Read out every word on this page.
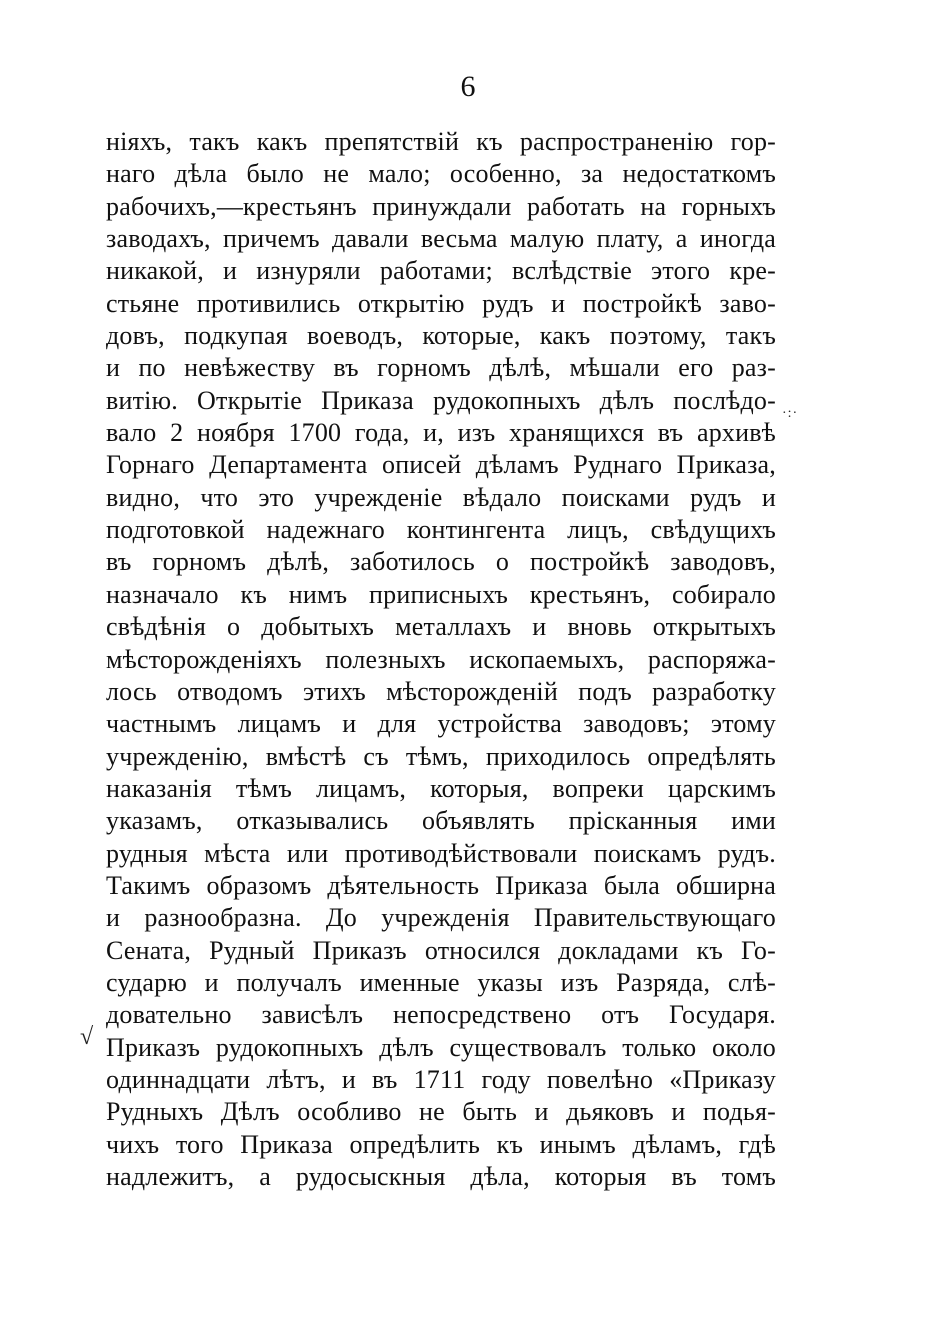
6
√
·:·
ніяхъ, такъ какъ препятствій къ распространенію гор-
наго дѣла было не мало; особенно, за недостаткомъ
рабочихъ,—крестьянъ принуждали работать на горныхъ
заводахъ, причемъ давали весьма малую плату, а иногда
никакой, и изнуряли работами; вслѣдствіе этого кре-
стьяне противились открытію рудъ и постройкѣ заво-
довъ, подкупая воеводъ, которые, какъ поэтому, такъ
и по невѣжеству въ горномъ дѣлѣ, мѣшали его раз-
витію. Открытіе Приказа рудокопныхъ дѣлъ послѣдо-
вало 2 ноября 1700 года, и, изъ хранящихся въ архивѣ
Горнаго Департамента описей дѣламъ Руднаго Приказа,
видно, что это учрежденіе вѣдало поисками рудъ и
подготовкой надежнаго контингента лицъ, свѣдущихъ
въ горномъ дѣлѣ, заботилось о постройкѣ заводовъ,
назначало къ нимъ приписныхъ крестьянъ, собирало
свѣдѣнія о добытыхъ металлахъ и вновь открытыхъ
мѣсторожденіяхъ полезныхъ ископаемыхъ, распоряжа-
лось отводомъ этихъ мѣсторожденій подъ разработку
частнымъ лицамъ и для устройства заводовъ; этому
учрежденію, вмѣстѣ съ тѣмъ, приходилось опредѣлять
наказанія тѣмъ лицамъ, которыя, вопреки царскимъ
указамъ, отказывались объявлять прісканныя ими
рудныя мѣста или противодѣйствовали поискамъ рудъ.
Такимъ образомъ дѣятельность Приказа была обширна
и разнообразна. До учрежденія Правительствующаго
Сената, Рудный Приказъ относился докладами къ Го-
сударю и получалъ именные указы изъ Разряда, слѣ-
довательно зависѣлъ непосредствено отъ Государя.
Приказъ рудокопныхъ дѣлъ существовалъ только около
одиннадцати лѣтъ, и въ 1711 году повелѣно «Приказу
Рудныхъ Дѣлъ особливо не быть и дьяковъ и подья-
чихъ того Приказа опредѣлить къ инымъ дѣламъ, гдѣ
надлежитъ, а рудосыскныя дѣла, которыя въ томъ
